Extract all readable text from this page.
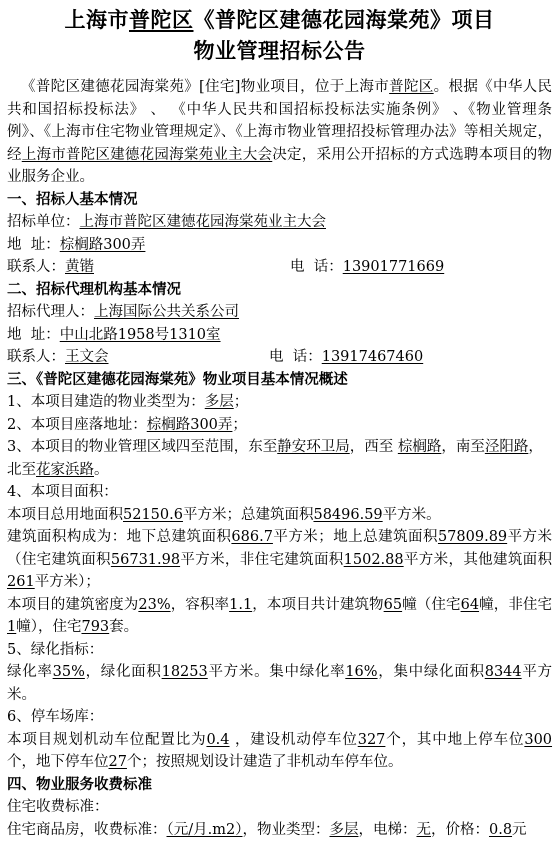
上海市普陀区《普陀区建德花园海棠苑》项目
物业管理招标公告

《普陀区建德花园海棠苑》[住宅]物业项目，位于上海市普陀区。根据《中华人民共和国招标投标法》 、 《中华人民共和国招标投标法实施条例》 、《物业管理条例》、《上海市住宅物业管理规定》、《上海市物业管理招投标管理办法》等相关规定，经上海市普陀区建德花园海棠苑业主大会决定，采用公开招标的方式选聘本项目的物业服务企业。

一、招标人基本情况

招标单位：上海市普陀区建德花园海棠苑业主大会

地  址：棕榈路300弄

联系人：黄锴	电  话：13901771669

二、招标代理机构基本情况

招标代理人：上海国际公共关系公司

地  址：中山北路1958号1310室

联系人：王文会	电  话：13917467460

三、《普陀区建德花园海棠苑》物业项目基本情况概述

1、本项目建造的物业类型为：多层；

2、本项目座落地址：棕榈路300弄；

3、本项目的物业管理区域四至范围，东至静安环卫局，西至 棕榈路，南至泾阳路，北至花家浜路。

4、本项目面积：

本项目总用地面积52150.6平方米；总建筑面积58496.59平方米。

建筑面积构成为：地下总建筑面积686.7平方米；地上总建筑面积57809.89平方米（住宅建筑面积56731.98平方米，非住宅建筑面积1502.88平方米，其他建筑面积261平方米）；

本项目的建筑密度为23%，容积率1.1，本项目共计建筑物65幢（住宅64幢，非住宅1幢），住宅793套。

5、绿化指标：

绿化率35%，绿化面积18253平方米。集中绿化率16%，集中绿化面积8344平方米。

6、停车场库：

本项目规划机动车位配置比为0.4 ，建设机动停车位327个，其中地上停车位300个，地下停车位27个；按照规划设计建造了非机动车停车位。

四、物业服务收费标准

住宅收费标准：

住宅商品房，收费标准：（元/月.m2），物业类型：多层，电梯：无，价格：0.8元
